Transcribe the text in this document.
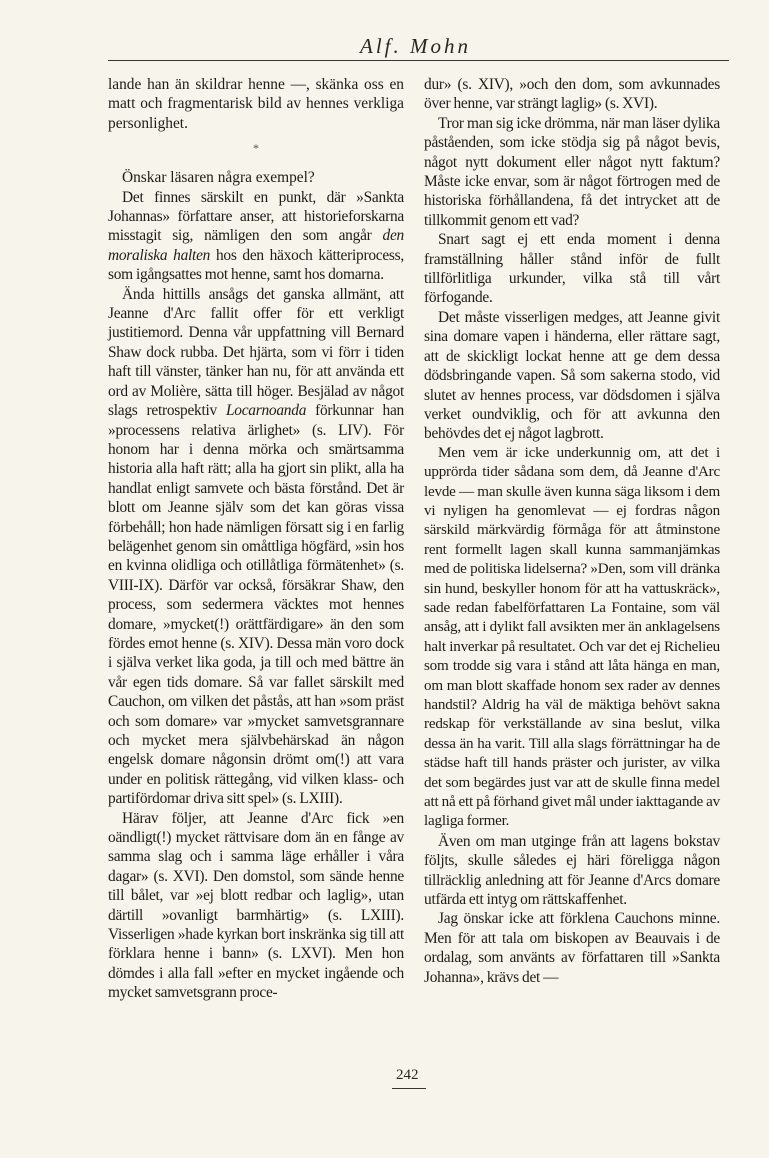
Alf. Mohn

lande han än skildrar henne —, skänka oss en matt och fragmentarisk bild av hennes verkliga personlighet.

*

Önskar läsaren några exempel?

Det finnes särskilt en punkt, där »Sankta Johannas» författare anser, att historieforskarna misstagit sig, nämligen den som angår den moraliska halten hos den häxoch kätteriprocess, som igångsattes mot henne, samt hos domarna.

Ända hittills ansågs det ganska allmänt, att Jeanne d'Arc fallit offer för ett verkligt justitiemord. Denna vår uppfattning vill Bernard Shaw dock rubba. Det hjärta, som vi förr i tiden haft till vänster, tänker han nu, för att använda ett ord av Molière, sätta till höger. Besjälad av något slags retrospektiv Locarnoanda förkunnar han »processens relativa ärlighet» (s. LIV). För honom har i denna mörka och smärtsamma historia alla haft rätt; alla ha gjort sin plikt, alla ha handlat enligt samvete och bästa förstånd. Det är blott om Jeanne själv som det kan göras vissa förbehåll; hon hade nämligen försatt sig i en farlig belägenhet genom sin omåttliga högfärd, »sin hos en kvinna olidliga och otillåtliga förmätenhet» (s. VIII-IX). Därför var också, försäkrar Shaw, den process, som sedermera väcktes mot hennes domare, »mycket(!) orättfärdigare» än den som fördes emot henne (s. XIV). Dessa män voro dock i själva verket lika goda, ja till och med bättre än vår egen tids domare. Så var fallet särskilt med Cauchon, om vilken det påstås, att han »som präst och som domare» var »mycket samvetsgrannare och mycket mera självbehärskad än någon engelsk domare någonsin drömt om(!) att vara under en politisk rättegång, vid vilken klass- och partifördomar driva sitt spel» (s. LXIII).

Härav följer, att Jeanne d'Arc fick »en oändligt(!) mycket rättvisare dom än en fånge av samma slag och i samma läge erhåller i våra dagar» (s. XVI). Den domstol, som sände henne till bålet, var »ej blott redbar och laglig», utan därtill »ovanligt barmhärtig» (s. LXIII). Visserligen »hade kyrkan bort inskränka sig till att förklara henne i bann» (s. LXVI). Men hon dömdes i alla fall »efter en mycket ingående och mycket samvetsgrann proce-

dur» (s. XIV), »och den dom, som avkunnades över henne, var strängt laglig» (s. XVI).

Tror man sig icke drömma, när man läser dylika påståenden, som icke stödja sig på något bevis, något nytt dokument eller något nytt faktum? Måste icke envar, som är något förtrogen med de historiska förhållandena, få det intrycket att de tillkommit genom ett vad?

Snart sagt ej ett enda moment i denna framställning håller stånd inför de fullt tillförlitliga urkunder, vilka stå till vårt förfogande.

Det måste visserligen medges, att Jeanne givit sina domare vapen i händerna, eller rättare sagt, att de skickligt lockat henne att ge dem dessa dödsbringande vapen. Så som sakerna stodo, vid slutet av hennes process, var dödsdomen i själva verket oundviklig, och för att avkunna den behövdes det ej något lagbrott.

Men vem är icke underkunnig om, att det i upprörda tider sådana som dem, då Jeanne d'Arc levde — man skulle även kunna säga liksom i dem vi nyligen ha genomlevat — ej fordras någon särskild märkvärdig förmåga för att åtminstone rent formellt lagen skall kunna sammanjämkas med de politiska lidelserna? »Den, som vill dränka sin hund, beskyller honom för att ha vattuskräck», sade redan fabelförfattaren La Fontaine, som väl ansåg, att i dylikt fall avsikten mer än anklagelsens halt inverkar på resultatet. Och var det ej Richelieu som trodde sig vara i stånd att låta hänga en man, om man blott skaffade honom sex rader av dennes handstil? Aldrig ha väl de mäktiga behövt sakna redskap för verkställande av sina beslut, vilka dessa än ha varit. Till alla slags förrättningar ha de städse haft till hands präster och jurister, av vilka det som begärdes just var att de skulle finna medel att nå ett på förhand givet mål under iakttagande av lagliga former.

Även om man utginge från att lagens bokstav följts, skulle således ej häri föreligga någon tillräcklig anledning att för Jeanne d'Arcs domare utfärda ett intyg om rättskaffenhet.

Jag önskar icke att förklena Cauchons minne. Men för att tala om biskopen av Beauvais i de ordalag, som använts av författaren till »Sankta Johanna», krävs det —

242
